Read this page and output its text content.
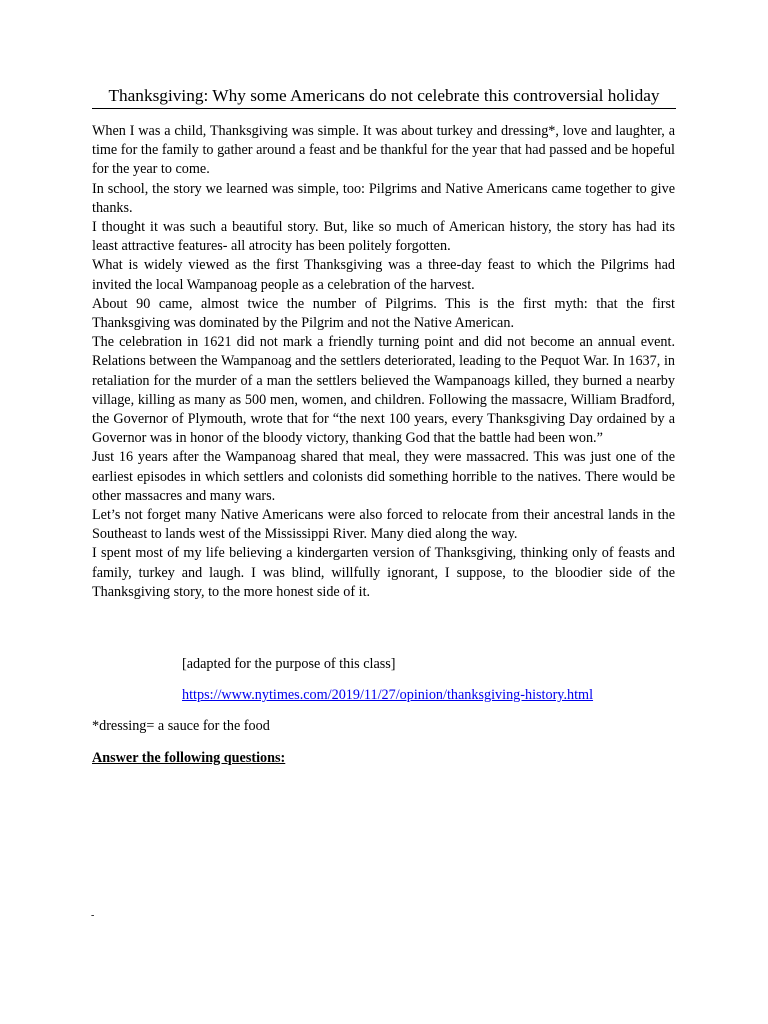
Thanksgiving: Why some Americans do not celebrate this controversial holiday

When I was a child, Thanksgiving was simple. It was about turkey and dressing*, love and laughter, a time for the family to gather around a feast and be thankful for the year that had passed and be hopeful for the year to come.

In school, the story we learned was simple, too: Pilgrims and Native Americans came together to give thanks.

I thought it was such a beautiful story. But, like so much of American history, the story has had its least attractive features- all atrocity has been politely forgotten.

What is widely viewed as the first Thanksgiving was a three-day feast to which the Pilgrims had invited the local Wampanoag people as a celebration of the harvest.

About 90 came, almost twice the number of Pilgrims. This is the first myth: that the first Thanksgiving was dominated by the Pilgrim and not the Native American.

The celebration in 1621 did not mark a friendly turning point and did not become an annual event. Relations between the Wampanoag and the settlers deteriorated, leading to the Pequot War. In 1637, in retaliation for the murder of a man the settlers believed the Wampanoags killed, they burned a nearby village, killing as many as 500 men, women, and children. Following the massacre, William Bradford, the Governor of Plymouth, wrote that for “the next 100 years, every Thanksgiving Day ordained by a Governor was in honor of the bloody victory, thanking God that the battle had been won.”

Just 16 years after the Wampanoag shared that meal, they were massacred. This was just one of the earliest episodes in which settlers and colonists did something horrible to the natives. There would be other massacres and many wars.

Let’s not forget many Native Americans were also forced to relocate from their ancestral lands in the Southeast to lands west of the Mississippi River. Many died along the way.

I spent most of my life believing a kindergarten version of Thanksgiving, thinking only of feasts and family, turkey and laugh. I was blind, willfully ignorant, I suppose, to the bloodier side of the Thanksgiving story, to the more honest side of it.

[adapted for the purpose of this class]

https://www.nytimes.com/2019/11/27/opinion/thanksgiving-history.html

*dressing= a sauce for the food

Answer the following questions:

-
